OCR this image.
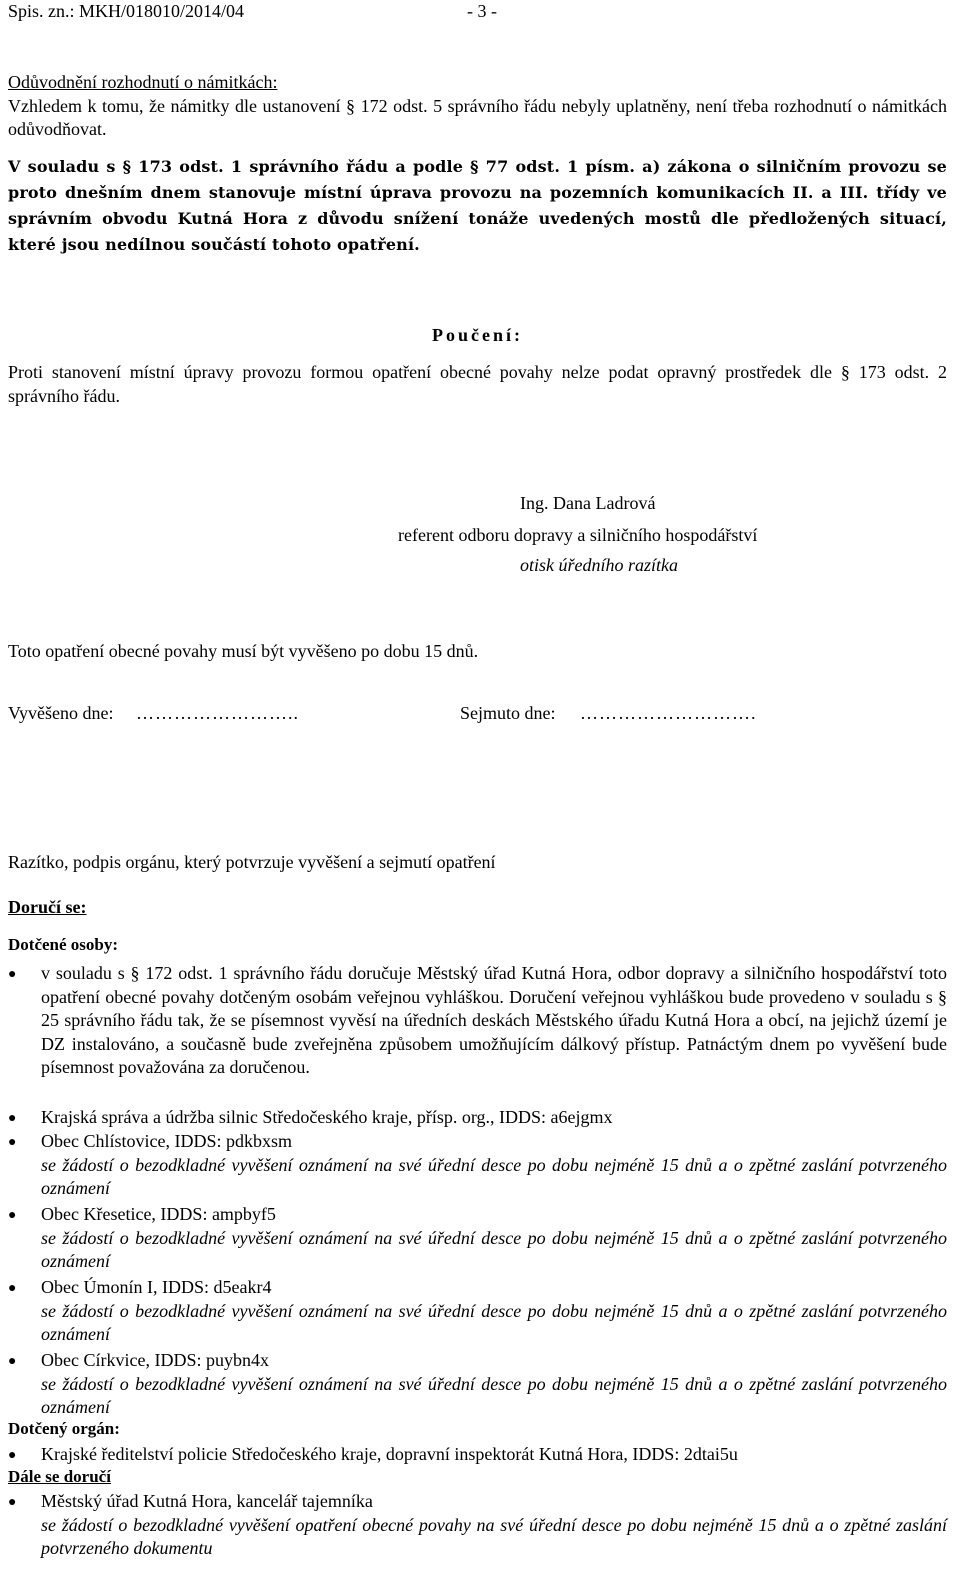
Spis. zn.: MKH/018010/2014/04	- 3 -

Odůvodnění rozhodnutí o námitkách:

Vzhledem k tomu, že námitky dle ustanovení § 172 odst. 5 správního řádu nebyly uplatněny, není třeba rozhodnutí o námitkách odůvodňovat.

V souladu s § 173 odst. 1 správního řádu a podle § 77 odst. 1 písm. a) zákona o silničním provozu se proto dnešním dnem stanovuje místní úprava provozu na pozemních komunikacích II. a III. třídy ve správním obvodu Kutná Hora z důvodu snížení tonáže uvedených mostů dle předložených situací, které jsou nedílnou součástí tohoto opatření.

Poučení:

Proti stanovení místní úpravy provozu formou opatření obecné povahy nelze podat opravný prostředek dle § 173 odst. 2 správního řádu.

Ing. Dana Ladrová
referent odboru dopravy a silničního hospodářství
otisk úředního razítka
Toto opatření obecné povahy musí být vyvěšeno po dobu 15 dnů.
Vyvěšeno dne: ……………………..	Sejmuto dne: ……………………….
Razítko, podpis orgánu, který potvrzuje vyvěšení a sejmutí opatření
Doručí se:
Dotčené osoby:
● v souladu s § 172 odst. 1 správního řádu doručuje Městský úřad Kutná Hora, odbor dopravy a silničního hospodářství toto opatření obecné povahy dotčeným osobám veřejnou vyhláškou. Doručení veřejnou vyhláškou bude provedeno v souladu s § 25 správního řádu tak, že se písemnost vyvěsí na úředních deskách Městského úřadu Kutná Hora a obcí, na jejichž území je DZ instalováno, a současně bude zveřejněna způsobem umožňujícím dálkový přístup. Patnáctým dnem po vyvěšení bude písemnost považována za doručenou.

● Krajská správa a údržba silnic Středočeského kraje, přísp. org., IDDS: a6ejgmx

● Obec Chlístovice, IDDS: pdkbxsm

se žádostí o bezodkladné vyvěšení oznámení na své úřední desce po dobu nejméně 15 dnů a o zpětné zaslání potvrzeného oznámení

● Obec Křesetice, IDDS: ampbyf5

se žádostí o bezodkladné vyvěšení oznámení na své úřední desce po dobu nejméně 15 dnů a o zpětné zaslání potvrzeného oznámení

● Obec Úmonín I, IDDS: d5eakr4

se žádostí o bezodkladné vyvěšení oznámení na své úřední desce po dobu nejméně 15 dnů a o zpětné zaslání potvrzeného oznámení

● Obec Církvice, IDDS: puybn4x

se žádostí o bezodkladné vyvěšení oznámení na své úřední desce po dobu nejméně 15 dnů a o zpětné zaslání potvrzeného oznámení

Dotčený orgán:
● Krajské ředitelství policie Středočeského kraje, dopravní inspektorát Kutná Hora, IDDS: 2dtai5u

Dále se doručí
● Městský úřad Kutná Hora, kancelář tajemníka

se žádostí o bezodkladné vyvěšení opatření obecné povahy na své úřední desce po dobu nejméně 15 dnů a o zpětné zaslání potvrzeného dokumentu
